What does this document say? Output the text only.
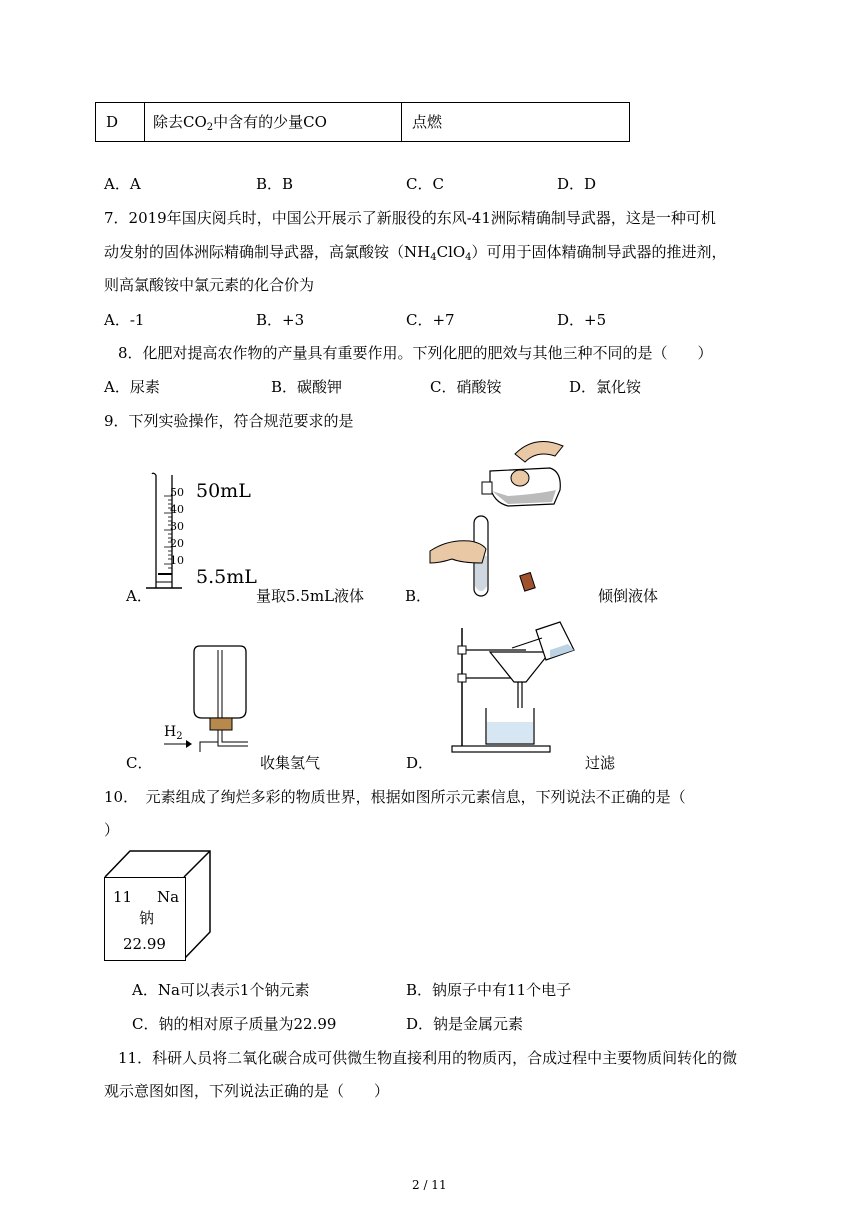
D 除去$CO_2$中含有的少量CO	点燃
A．A	B．B	C．C	D．D
7．2019年国庆阅兵时，中国公开展示了新服役的东风-41洲际精确制导武器，这是一种可机
动发射的固体洲际精确制导武器，高氯酸铵$(NH_4ClO_4)$可用于固体精确制导武器的推进剂，
则高氯酸铵中氯元素的化合价为
A．-1	B．+3	C．+7	D．+5
8．化肥对提高农作物的产量具有重要作用。下列化肥的肥效与其他三种不同的是（　　）
A．尿素	B．碳酸钾	C．硝酸铵	D．氯化铵
9．下列实验操作，符合规范要求的是
A．
50
40
30
20
10
50mL
5.5mL
量取5.5mL液体	B．	倾倒液体
C．
$H_2$
收集氢气	D．	过滤
10．　元素组成了绚烂多彩的物质世界，根据如图所示元素信息，下列说法不正确的是（
）
11 Na
钠
22.99
A．Na可以表示1个钠元素	B．钠原子中有11个电子
C．钠的相对原子质量为22.99	D．钠是金属元素
11．科研人员将二氧化碳合成可供微生物直接利用的物质丙，合成过程中主要物质间转化的微
观示意图如图，下列说法正确的是（　　）
2 / 11
